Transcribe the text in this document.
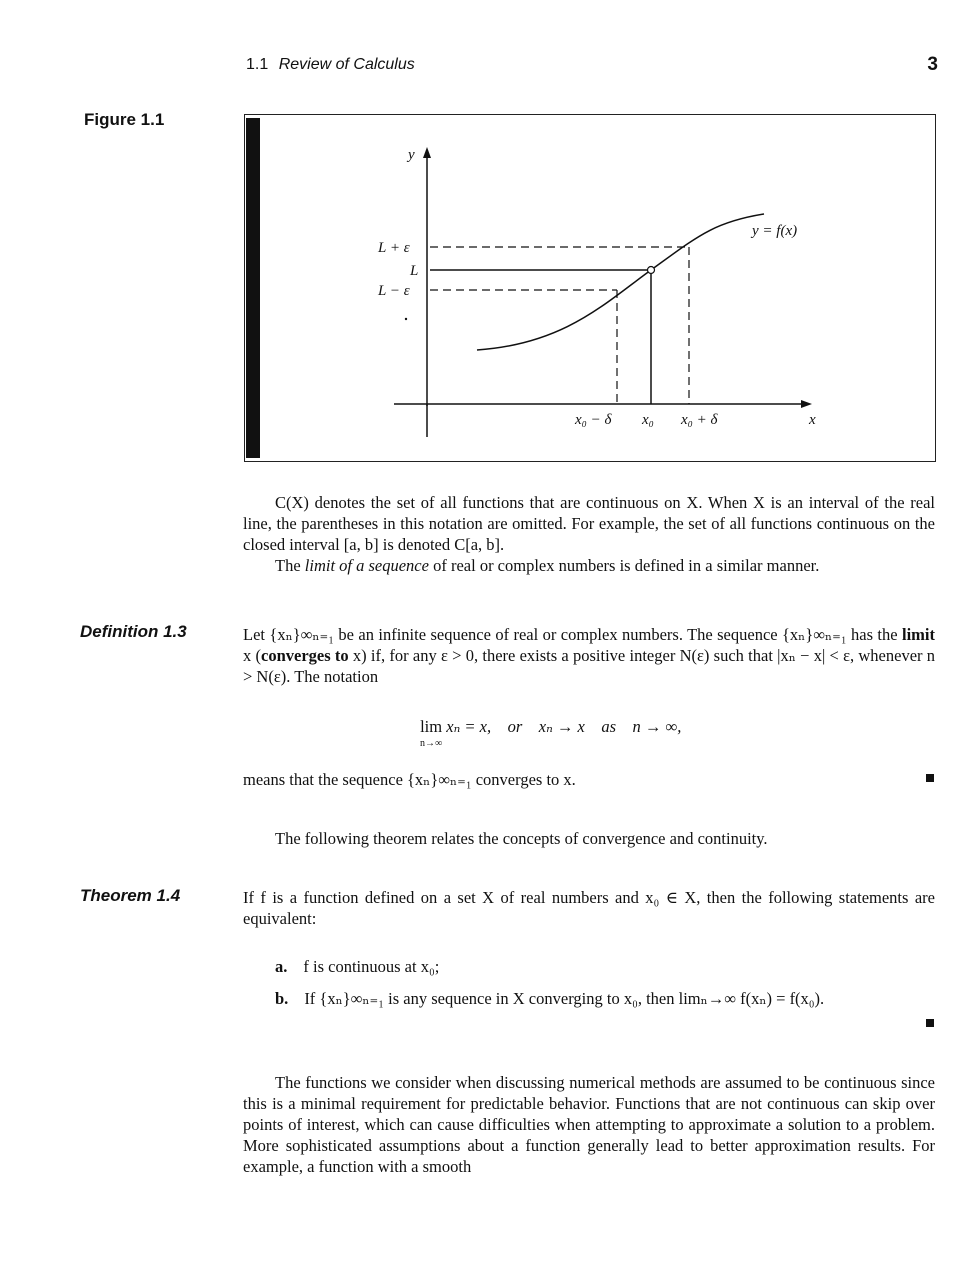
1.1 Review of Calculus	3
Figure 1.1
y
x
y = f(x)
L + ε
L
L − ε
x₀ − δ x₀ x₀ + δ

C(X) denotes the set of all functions that are continuous on X. When X is an interval of the real line, the parentheses in this notation are omitted. For example, the set of all functions continuous on the closed interval [a, b] is denoted C[a, b].

The limit of a sequence of real or complex numbers is defined in a similar manner.

Definition 1.3	Let {xₙ}∞ₙ₌₁ be an infinite sequence of real or complex numbers. The sequence {xₙ}∞ₙ₌₁ has the limit x (converges to x) if, for any ε > 0, there exists a positive integer N(ε) such that |xₙ − x| < ε, whenever n > N(ε). The notation

lim
$^{n\to\infty}$ xₙ = x,    or    xₙ → x    as    n → ∞,

means that the sequence {xₙ}∞ₙ₌₁ converges to x.

The following theorem relates the concepts of convergence and continuity.

Theorem 1.4	If f is a function defined on a set X of real numbers and x₀ ∈ X, then the following statements are equivalent:

a. f is continuous at x₀;
b. If {xₙ}∞ₙ₌₁ is any sequence in X converging to x₀, then limₙ→∞ f(xₙ) = f(x₀).

The functions we consider when discussing numerical methods are assumed to be continuous since this is a minimal requirement for predictable behavior. Functions that are not continuous can skip over points of interest, which can cause difficulties when attempting to approximate a solution to a problem. More sophisticated assumptions about a function generally lead to better approximation results. For example, a function with a smooth
